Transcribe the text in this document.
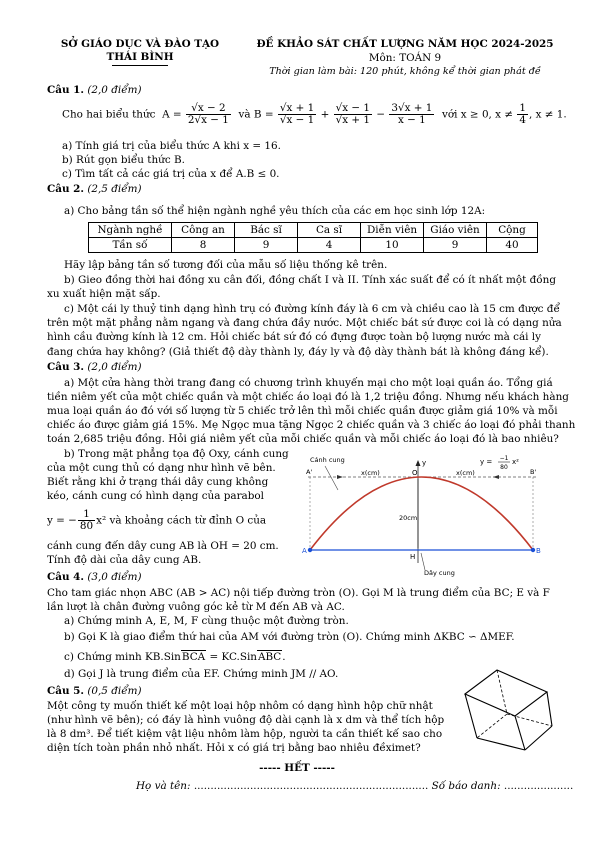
SỞ GIÁO DỤC VÀ ĐÀO TẠO
THÁI BÌNH
ĐỀ KHẢO SÁT CHẤT LƯỢNG NĂM HỌC 2024-2025
Môn: TOÁN 9
Thời gian làm bài: 120 phút, không kể thời gian phát đề
Câu 1. (2,0 điểm)
Cho hai biểu thức $A = \frac{√x - 2}{2√x - 1}$ và $B = \frac{√x + 1}{√x - 1} + \frac{√x - 1}{√x + 1} - \frac{3√x + 1}{x - 1}$ với x ≥ 0, $x \ne \frac{1}{4}$ , x ≠ 1.
a) Tính giá trị của biểu thức A khi x = 16.
b) Rút gọn biểu thức B.
c) Tìm tất cả các giá trị của x để A.B ≤ 0.
Câu 2. (2,5 điểm)
a) Cho bảng tần số thể hiện ngành nghề yêu thích của các em học sinh lớp 12A:
Ngành nghề	Công an	Bác sĩ	Ca sĩ	Diễn viên	Giáo viên	Cộng
Tần số	8	9	4	10	9	40
Hãy lập bảng tần số tương đối của mẫu số liệu thống kê trên.
b) Gieo đồng thời hai đồng xu cân đối, đồng chất I và II. Tính xác suất để có ít nhất một đồng
xu xuất hiện mặt sấp.
c) Một cái ly thuỷ tinh dạng hình trụ có đường kính đáy là 6 cm và chiều cao là 15 cm được để
trên một mặt phẳng nằm ngang và đang chứa đầy nước. Một chiếc bát sứ được coi là có dạng nửa
hình cầu đường kính là 12 cm. Hỏi chiếc bát sứ đó có đựng được toàn bộ lượng nước mà cái ly
đang chứa hay không? (Giả thiết độ dày thành ly, đáy ly và độ dày thành bát là không đáng kể).
Câu 3. (2,0 điểm)
a) Một cửa hàng thời trang đang có chương trình khuyến mại cho một loại quần áo. Tổng giá
tiền niêm yết của một chiếc quần và một chiếc áo loại đó là 1,2 triệu đồng. Nhưng nếu khách hàng
mua loại quần áo đó với số lượng từ 5 chiếc trở lên thì mỗi chiếc quần được giảm giá 10% và mỗi
chiếc áo được giảm giá 15%. Mẹ Ngọc mua tặng Ngọc 2 chiếc quần và 3 chiếc áo loại đó phải thanh
toán 2,685 triệu đồng. Hỏi giá niêm yết của mỗi chiếc quần và mỗi chiếc áo loại đó là bao nhiêu?
b) Trong mặt phẳng tọa độ Oxy, cánh cung
của một cung thủ có dạng như hình vẽ bên.
Biết rằng khi ở trạng thái dây cung không
kéo, cánh cung có hình dạng của parabol
y = − $\frac{1}{80} x^2$ và khoảng cách từ đỉnh O của
cánh cung đến dây cung AB là OH = 20 cm.
Tính độ dài của dây cung AB.
Cánh cung	y	y = −1
80
x²
A'	B'
O
x(cm)	x(cm)
20cm
A	B
H
Dây cung
Câu 4. (3,0 điểm)
Cho tam giác nhọn ABC (AB > AC) nội tiếp đường tròn (O). Gọi M là trung điểm của BC; E và F
lần lượt là chân đường vuông góc kẻ từ M đến AB và AC.
a) Chứng minh A, E, M, F cùng thuộc một đường tròn.
b) Gọi K là giao điểm thứ hai của AM với đường tròn (O). Chứng minh ΔKBC ∽ ΔMEF.
c) Chứng minh KB.SinBCA = KC.SinABC.
d) Gọi J là trung điểm của EF. Chứng minh JM // AO.
Câu 5. (0,5 điểm)
Một công ty muốn thiết kế một loại hộp nhôm có dạng hình hộp chữ nhật
(như hình vẽ bên); có đáy là hình vuông độ dài cạnh là x dm và thể tích hộp
là 8 dm³. Để tiết kiệm vật liệu nhôm làm hộp, người ta cần thiết kế sao cho
diện tích toàn phần nhỏ nhất. Hỏi x có giá trị bằng bao nhiêu đềximet?
----- HẾT -----
Họ và tên: ....................................................................... Số báo danh: .....................
